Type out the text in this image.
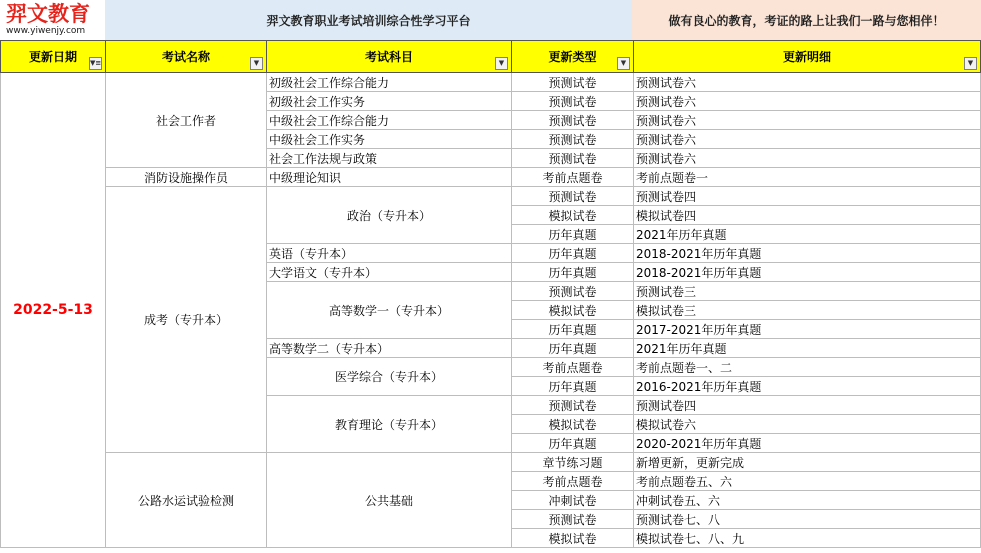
羿文教育
www.yiwenjy.com
羿文教育职业考试培训综合性学习平台	做有良心的教育，考证的路上让我们一路与您相伴！
更新日期 ▼≡	考试名称 ▼	考试科目 ▼	更新类型 ▼	更新明细 ▼

2022-5-13	社会工作者	初级社会工作综合能力	预测试卷	预测试卷六
		初级社会工作实务	预测试卷	预测试卷六
		中级社会工作综合能力	预测试卷	预测试卷六
		中级社会工作实务	预测试卷	预测试卷六
		社会工作法规与政策	预测试卷	预测试卷六
	消防设施操作员	中级理论知识	考前点题卷	考前点题卷一
	成考（专升本）	政治（专升本）	预测试卷	预测试卷四
			模拟试卷	模拟试卷四
			历年真题	2021年历年真题
		英语（专升本）	历年真题	2018-2021年历年真题
		大学语文（专升本）	历年真题	2018-2021年历年真题
		高等数学一（专升本）	预测试卷	预测试卷三
			模拟试卷	模拟试卷三
			历年真题	2017-2021年历年真题
		高等数学二（专升本）	历年真题	2021年历年真题
		医学综合（专升本）	考前点题卷	考前点题卷一、二
			历年真题	2016-2021年历年真题
		教育理论（专升本）	预测试卷	预测试卷四
			模拟试卷	模拟试卷六
			历年真题	2020-2021年历年真题
	公路水运试验检测	公共基础	章节练习题	新增更新，更新完成
			考前点题卷	考前点题卷五、六
			冲刺试卷	冲刺试卷五、六
			预测试卷	预测试卷七、八
			模拟试卷	模拟试卷七、八、九
